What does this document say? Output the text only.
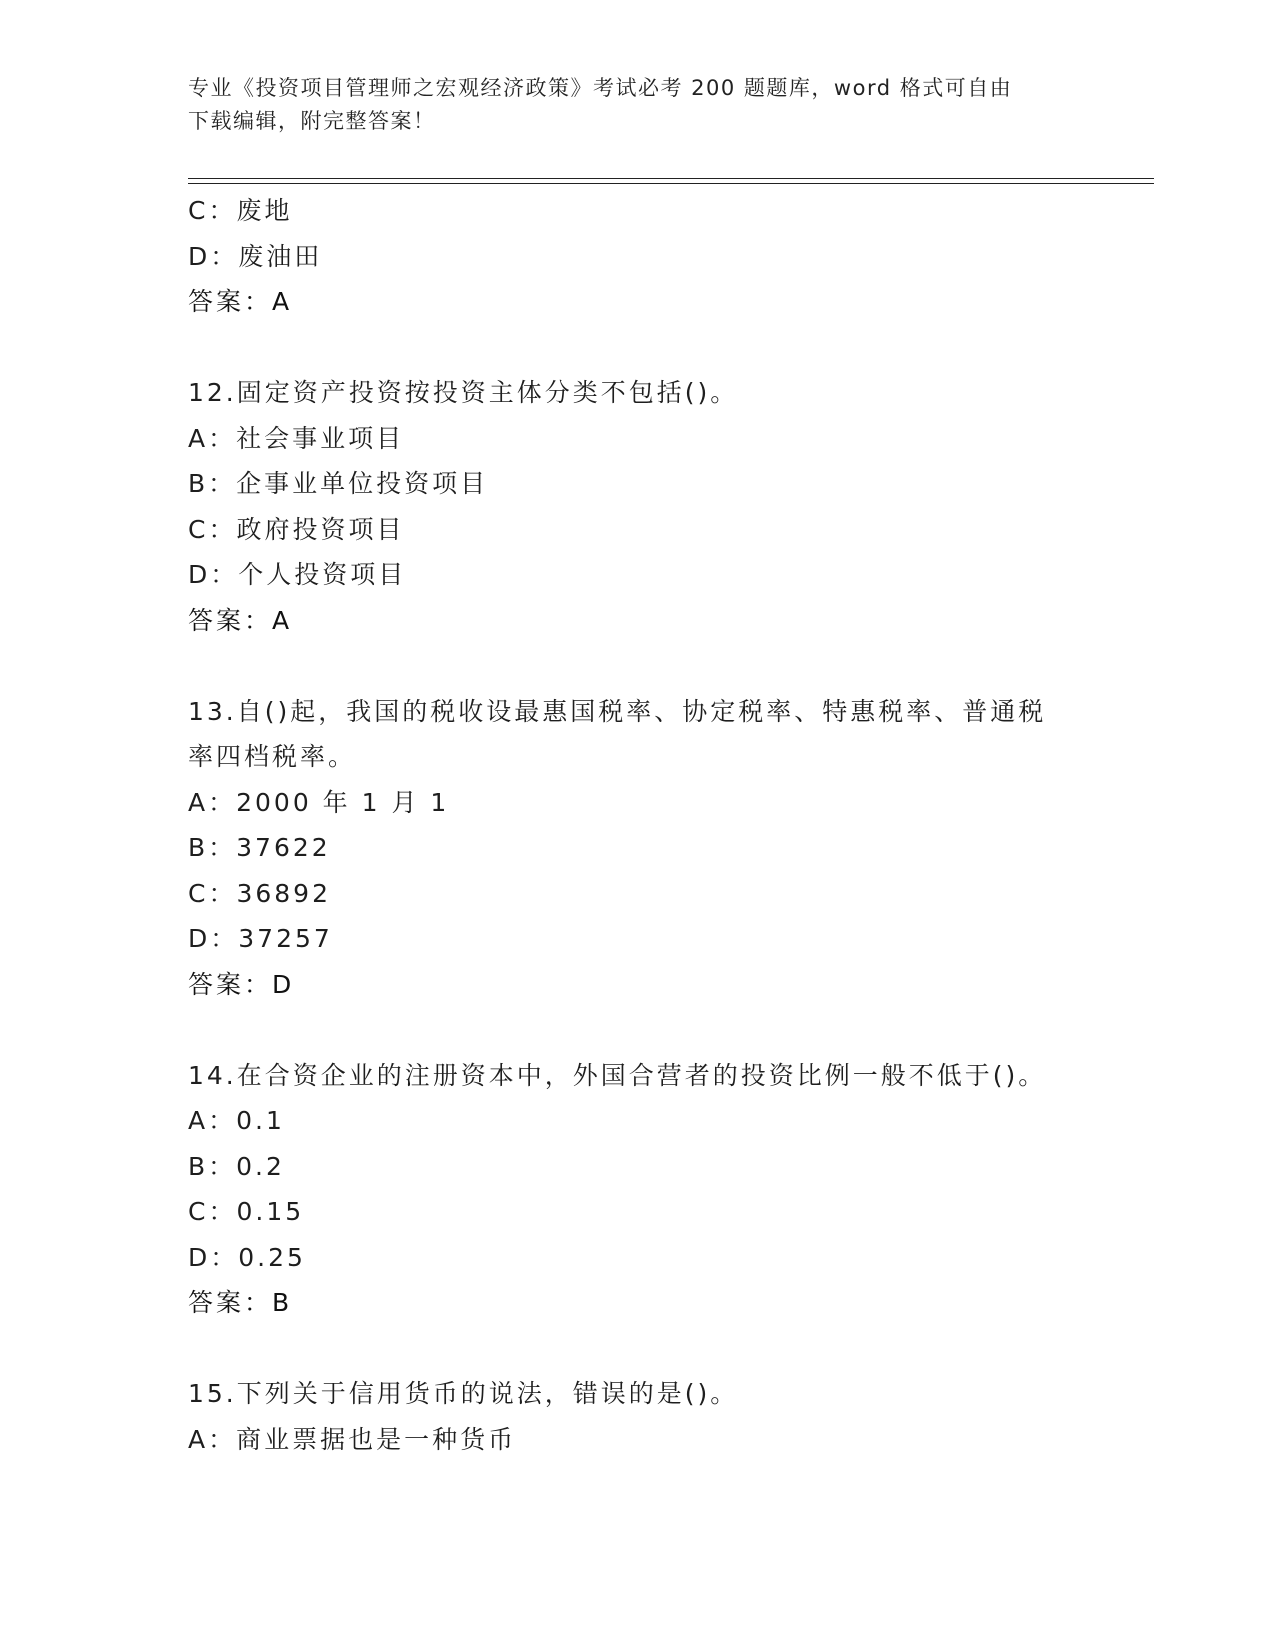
专业《投资项目管理师之宏观经济政策》考试必考 200 题题库，word 格式可自由
下载编辑，附完整答案！
C：废地
D：废油田
答案：A
12.固定资产投资按投资主体分类不包括()。
A：社会事业项目
B：企事业单位投资项目
C：政府投资项目
D：个人投资项目
答案：A
13.自()起，我国的税收设最惠国税率、协定税率、特惠税率、普通税
率四档税率。
A：2000 年 1 月 1
B：37622
C：36892
D：37257
答案：D
14.在合资企业的注册资本中，外国合营者的投资比例一般不低于()。
A：0.1
B：0.2
C：0.15
D：0.25
答案：B
15.下列关于信用货币的说法，错误的是()。
A：商业票据也是一种货币
